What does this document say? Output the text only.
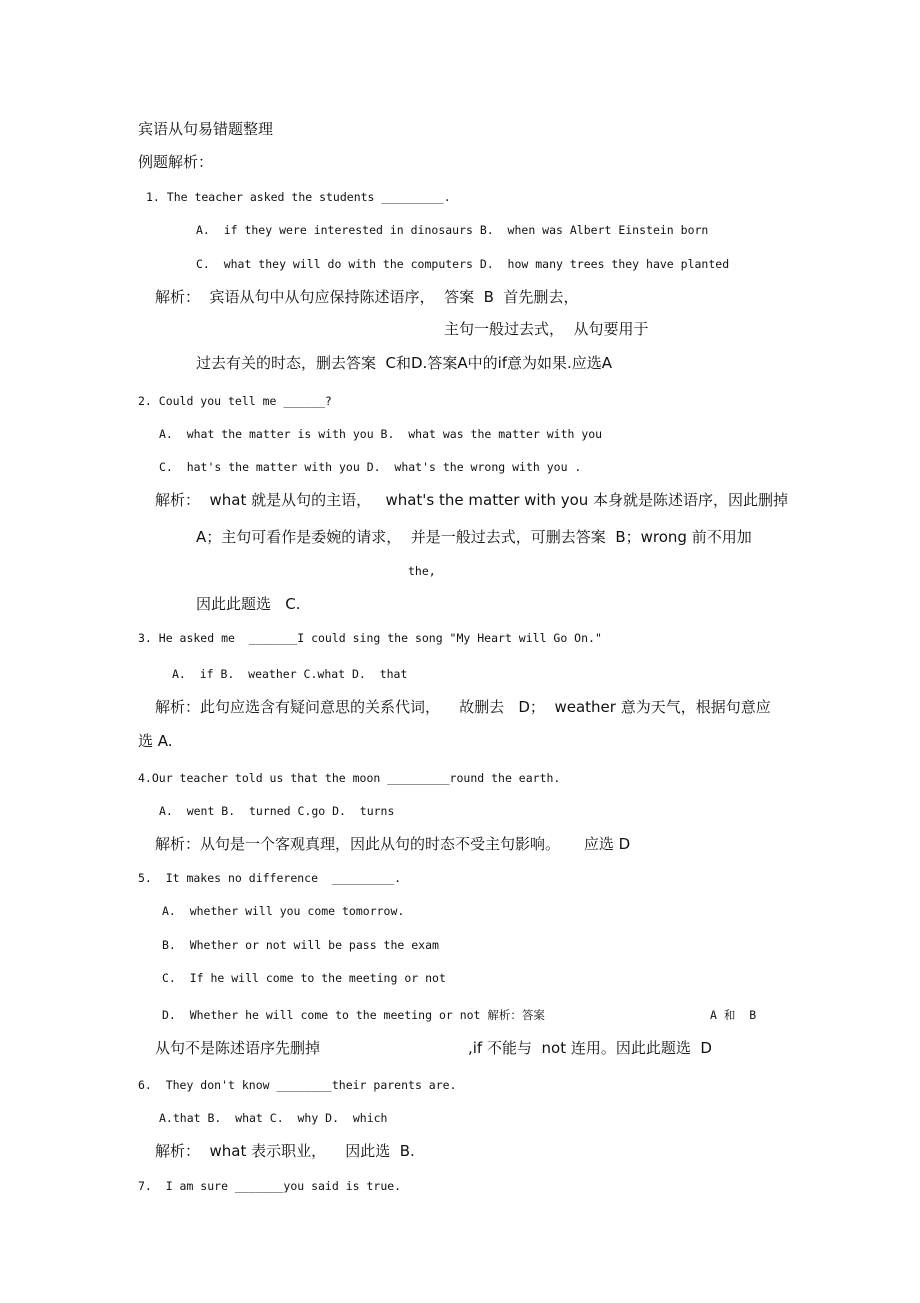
宾语从句易错题整理
例题解析：
1. The teacher asked the students _________.
A.  if they were interested in dinosaurs B.  when was Albert Einstein born
C.  what they will do with the computers D.  how many trees they have planted
解析：  宾语从句中从句应保持陈述语序，  答案  B  首先删去，
主句一般过去式，  从句要用于
过去有关的时态，删去答案  C和D.答案A中的if意为如果.应选A
2. Could you tell me ______?
A.  what the matter is with you B.  what was the matter with you
C.  hat's the matter with you D.  what's the wrong with you .
解析：  what 就是从句的主语，   what's the matter with you 本身就是陈述语序，因此删掉
A；主句可看作是委婉的请求，  并是一般过去式，可删去答案  B；wrong 前不用加
the,
因此此题选   C.
3. He asked me  _______I could sing the song "My Heart will Go On."
A.  if B.  weather C.what D.  that
解析：此句应选含有疑问意思的关系代词，    故删去   D；  weather 意为天气，根据句意应
选 A.
4.Our teacher told us that the moon _________round the earth.
A.  went B.  turned C.go D.  turns
解析：从句是一个客观真理，因此从句的时态不受主句影响。     应选 D
5.  It makes no difference  _________.
A.  whether will you come tomorrow.
B.  Whether or not will be pass the exam
C.  If he will come to the meeting or not
D.  Whether he will come to the meeting or not 解析：答案	A 和  B
从句不是陈述语序先删掉	,if 不能与  not 连用。因此此题选  D
6.  They don't know ________their parents are.
A.that B.  what C.  why D.  which
解析：  what 表示职业，    因此选  B.
7.  I am sure _______you said is true.
